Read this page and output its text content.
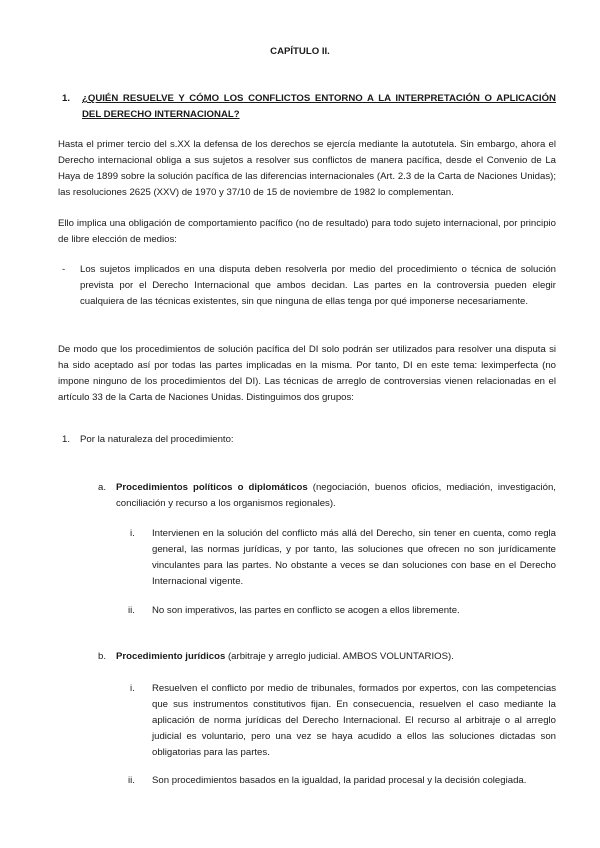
CAPÍTULO II.
1. ¿QUIÉN RESUELVE Y CÓMO LOS CONFLICTOS ENTORNO A LA INTERPRETACIÓN O APLICACIÓN DEL DERECHO INTERNACIONAL?
Hasta el primer tercio del s.XX la defensa de los derechos se ejercía mediante la autotutela. Sin embargo, ahora el Derecho internacional obliga a sus sujetos a resolver sus conflictos de manera pacífica, desde el Convenio de La Haya de 1899 sobre la solución pacífica de las diferencias internacionales (Art. 2.3 de la Carta de Naciones Unidas); las resoluciones 2625 (XXV) de 1970 y 37/10 de 15 de noviembre de 1982 lo complementan.
Ello implica una obligación de comportamiento pacífico (no de resultado) para todo sujeto internacional, por principio de libre elección de medios:
- Los sujetos implicados en una disputa deben resolverla por medio del procedimiento o técnica de solución prevista por el Derecho Internacional que ambos decidan. Las partes en la controversia pueden elegir cualquiera de las técnicas existentes, sin que ninguna de ellas tenga por qué imponerse necesariamente.
De modo que los procedimientos de solución pacífica del DI solo podrán ser utilizados para resolver una disputa si ha sido aceptado así por todas las partes implicadas en la misma. Por tanto, DI en este tema: leximperfecta (no impone ninguno de los procedimientos del DI). Las técnicas de arreglo de controversias vienen relacionadas en el artículo 33 de la Carta de Naciones Unidas. Distinguimos dos grupos:
1. Por la naturaleza del procedimiento:
a. Procedimientos políticos o diplomáticos (negociación, buenos oficios, mediación, investigación, conciliación y recurso a los organismos regionales).
i. Intervienen en la solución del conflicto más allá del Derecho, sin tener en cuenta, como regla general, las normas jurídicas, y por tanto, las soluciones que ofrecen no son jurídicamente vinculantes para las partes. No obstante a veces se dan soluciones con base en el Derecho Internacional vigente.
ii. No son imperativos, las partes en conflicto se acogen a ellos libremente.
b. Procedimiento jurídicos (arbitraje y arreglo judicial. AMBOS VOLUNTARIOS).
i. Resuelven el conflicto por medio de tribunales, formados por expertos, con las competencias que sus instrumentos constitutivos fijan. En consecuencia, resuelven el caso mediante la aplicación de norma jurídicas del Derecho Internacional. El recurso al arbitraje o al arreglo judicial es voluntario, pero una vez se haya acudido a ellos las soluciones dictadas son obligatorias para las partes.
ii. Son procedimientos basados en la igualdad, la paridad procesal y la decisión colegiada.
